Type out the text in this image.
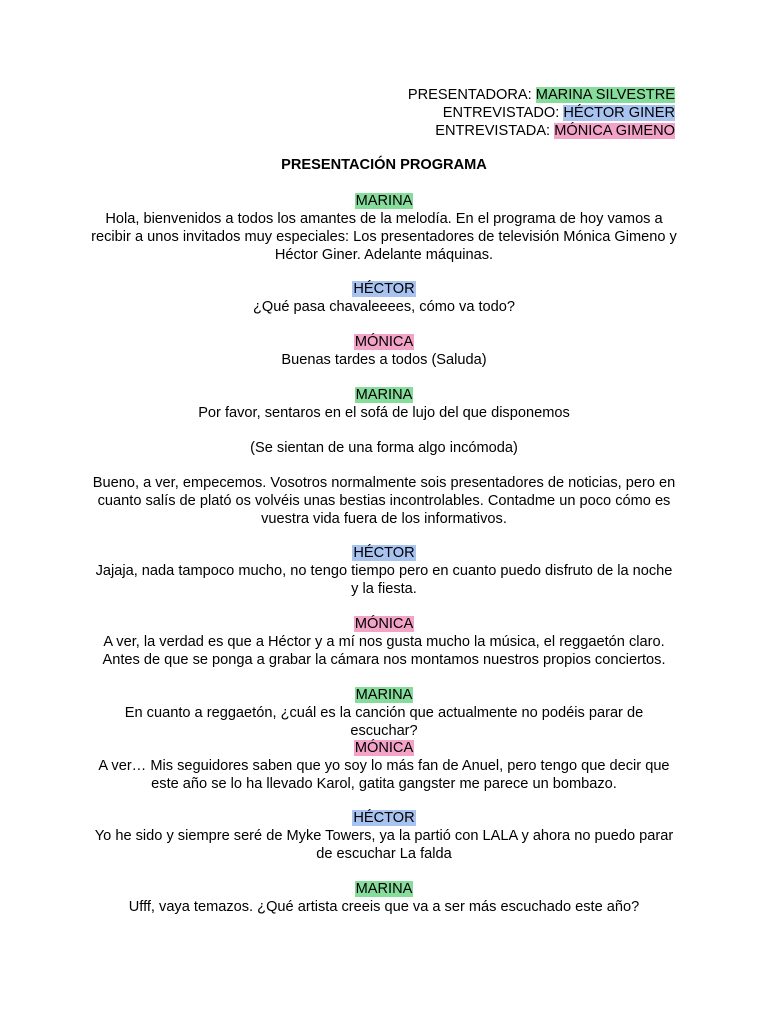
PRESENTADORA: MARINA SILVESTRE
ENTREVISTADO: HÉCTOR GINER
ENTREVISTADA: MÓNICA GIMENO
PRESENTACIÓN PROGRAMA
MARINA
Hola, bienvenidos a todos los amantes de la melodía. En el programa de hoy vamos a recibir a unos invitados muy especiales: Los presentadores de televisión Mónica Gimeno y Héctor Giner. Adelante máquinas.
HÉCTOR
¿Qué pasa chavaleeees, cómo va todo?
MÓNICA
Buenas tardes a todos (Saluda)
MARINA
Por favor, sentaros en el sofá de lujo del que disponemos
(Se sientan de una forma algo incómoda)
Bueno, a ver, empecemos. Vosotros normalmente sois presentadores de noticias, pero en cuanto salís de plató os volvéis unas bestias incontrolables. Contadme un poco cómo es vuestra vida fuera de los informativos.
HÉCTOR
Jajaja, nada tampoco mucho, no tengo tiempo pero en cuanto puedo disfruto de la noche y la fiesta.
MÓNICA
A ver, la verdad es que a Héctor y a mí nos gusta mucho la música, el reggaetón claro. Antes de que se ponga a grabar la cámara nos montamos nuestros propios conciertos.
MARINA
En cuanto a reggaetón, ¿cuál es la canción que actualmente no podéis parar de escuchar?
MÓNICA
A ver… Mis seguidores saben que yo soy lo más fan de Anuel, pero tengo que decir que este año se lo ha llevado Karol, gatita gangster me parece un bombazo.
HÉCTOR
Yo he sido y siempre seré de Myke Towers, ya la partió con LALA y ahora no puedo parar de escuchar La falda
MARINA
Ufff, vaya temazos. ¿Qué artista creeis que va a ser más escuchado este año?
